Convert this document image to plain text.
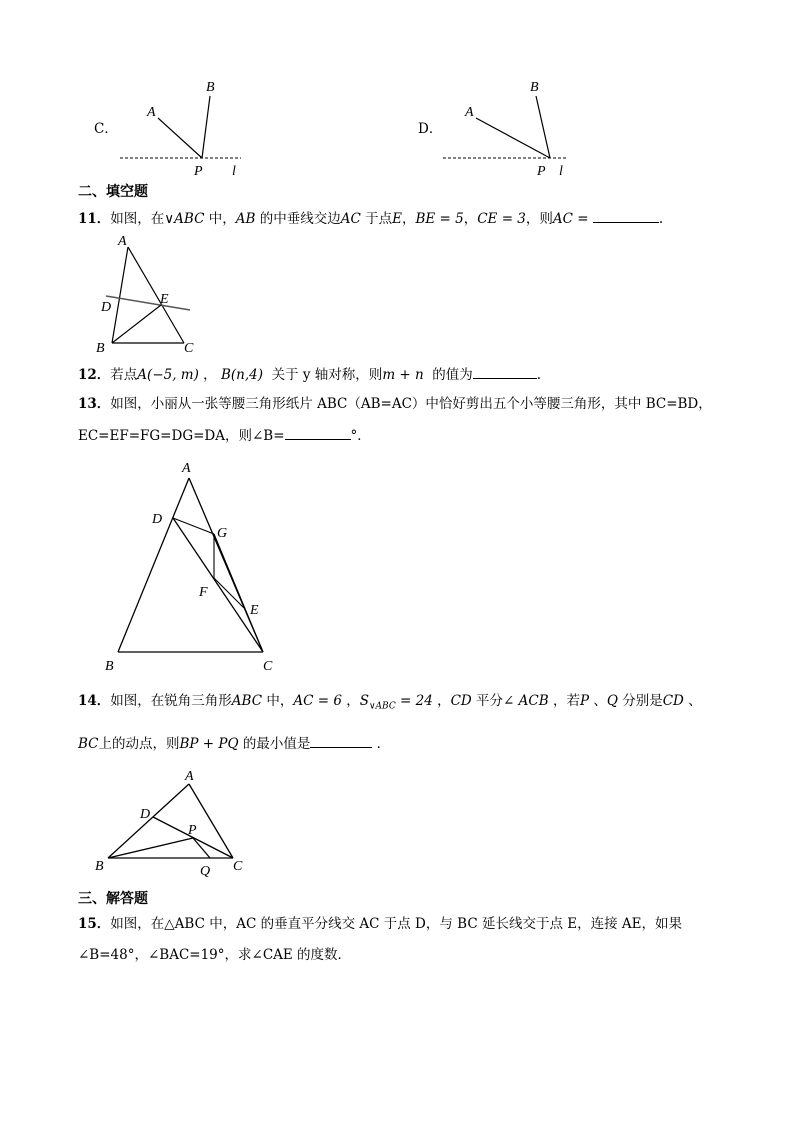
C．
A
B
P l
D．
A
B
P l
二、填空题
11．如图，在∨ABC 中，AB 的中垂线交边AC 于点E，BE = 5，CE = 3，则AC =	.
A
D
E
B	C
12．若点A(−5, m) ， B(n,4) 关于 y 轴对称，则m + n 的值为	.
13．如图，小丽从一张等腰三角形纸片 ABC（AB=AC）中恰好剪出五个小等腰三角形，其中 BC=BD，
EC=EF=FG=DG=DA，则∠B=	°．
A
D
G
F
E
B	C
14．如图，在锐角三角形ABC 中，AC = 6 ，$S_{\vee ABC} = 24$ ，CD 平分∠ ACB ，若P 、Q 分别是CD 、
BC上的动点，则BP + PQ 的最小值是	．
A
D
P
B	Q C
三、解答题
15．如图，在△ABC 中，AC 的垂直平分线交 AC 于点 D，与 BC 延长线交于点 E，连接 AE，如果
∠B=48°，∠BAC=19°，求∠CAE 的度数．
